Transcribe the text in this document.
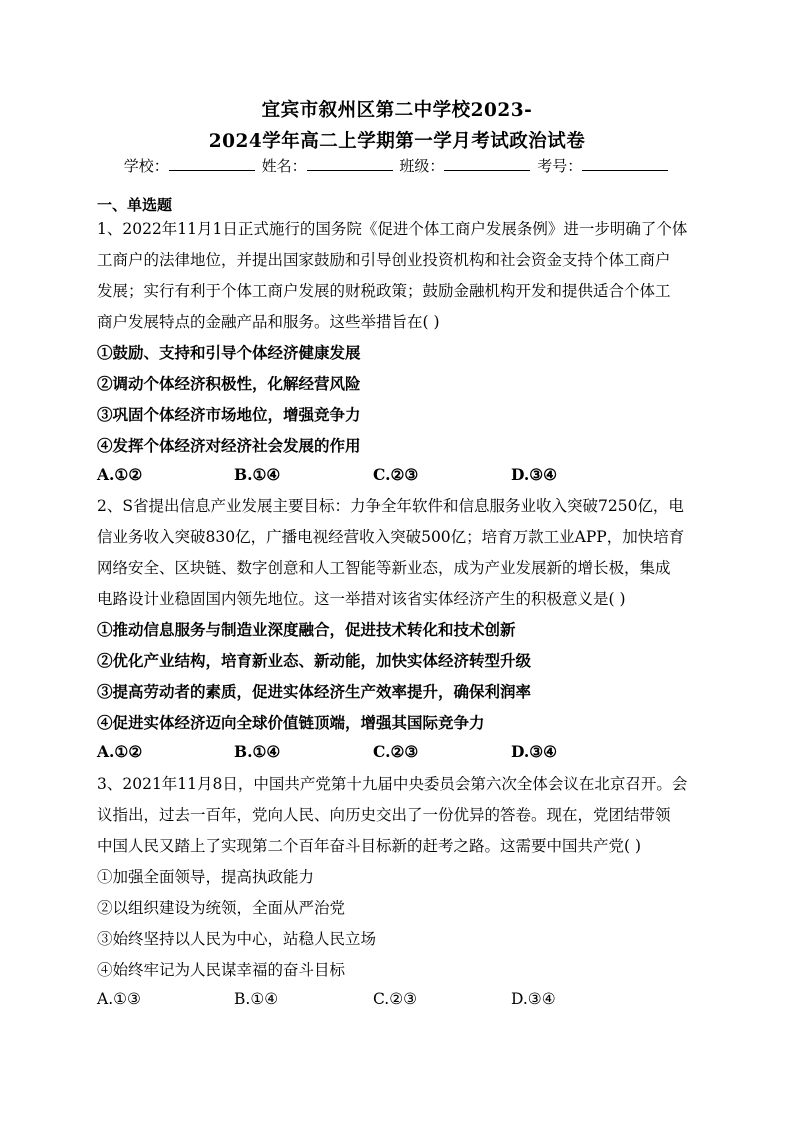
宜宾市叙州区第二中学校2023-
2024学年高二上学期第一学月考试政治试卷
学校：	姓名：	班级：	考号：
一、单选题
1、2022年11月1日正式施行的国务院《促进个体工商户发展条例》进一步明确了个体
工商户的法律地位，并提出国家鼓励和引导创业投资机构和社会资金支持个体工商户
发展；实行有利于个体工商户发展的财税政策；鼓励金融机构开发和提供适合个体工
商户发展特点的金融产品和服务。这些举措旨在( )
①鼓励、支持和引导个体经济健康发展
②调动个体经济积极性，化解经营风险
③巩固个体经济市场地位，增强竞争力
④发挥个体经济对经济社会发展的作用
A.①②	B.①④	C.②③	D.③④
2、S省提出信息产业发展主要目标：力争全年软件和信息服务业收入突破7250亿，电
信业务收入突破830亿，广播电视经营收入突破500亿；培育万款工业APP，加快培育
网络安全、区块链、数字创意和人工智能等新业态，成为产业发展新的增长极，集成
电路设计业稳固国内领先地位。这一举措对该省实体经济产生的积极意义是( )
①推动信息服务与制造业深度融合，促进技术转化和技术创新
②优化产业结构，培育新业态、新动能，加快实体经济转型升级
③提高劳动者的素质，促进实体经济生产效率提升，确保利润率
④促进实体经济迈向全球价值链顶端，增强其国际竞争力
A.①②	B.①④	C.②③	D.③④
3、2021年11月8日，中国共产党第十九届中央委员会第六次全体会议在北京召开。会
议指出，过去一百年，党向人民、向历史交出了一份优异的答卷。现在，党团结带领
中国人民又踏上了实现第二个百年奋斗目标新的赶考之路。这需要中国共产党( )
①加强全面领导，提高执政能力
②以组织建设为统领，全面从严治党
③始终坚持以人民为中心，站稳人民立场
④始终牢记为人民谋幸福的奋斗目标
A.①③	B.①④	C.②③	D.③④
